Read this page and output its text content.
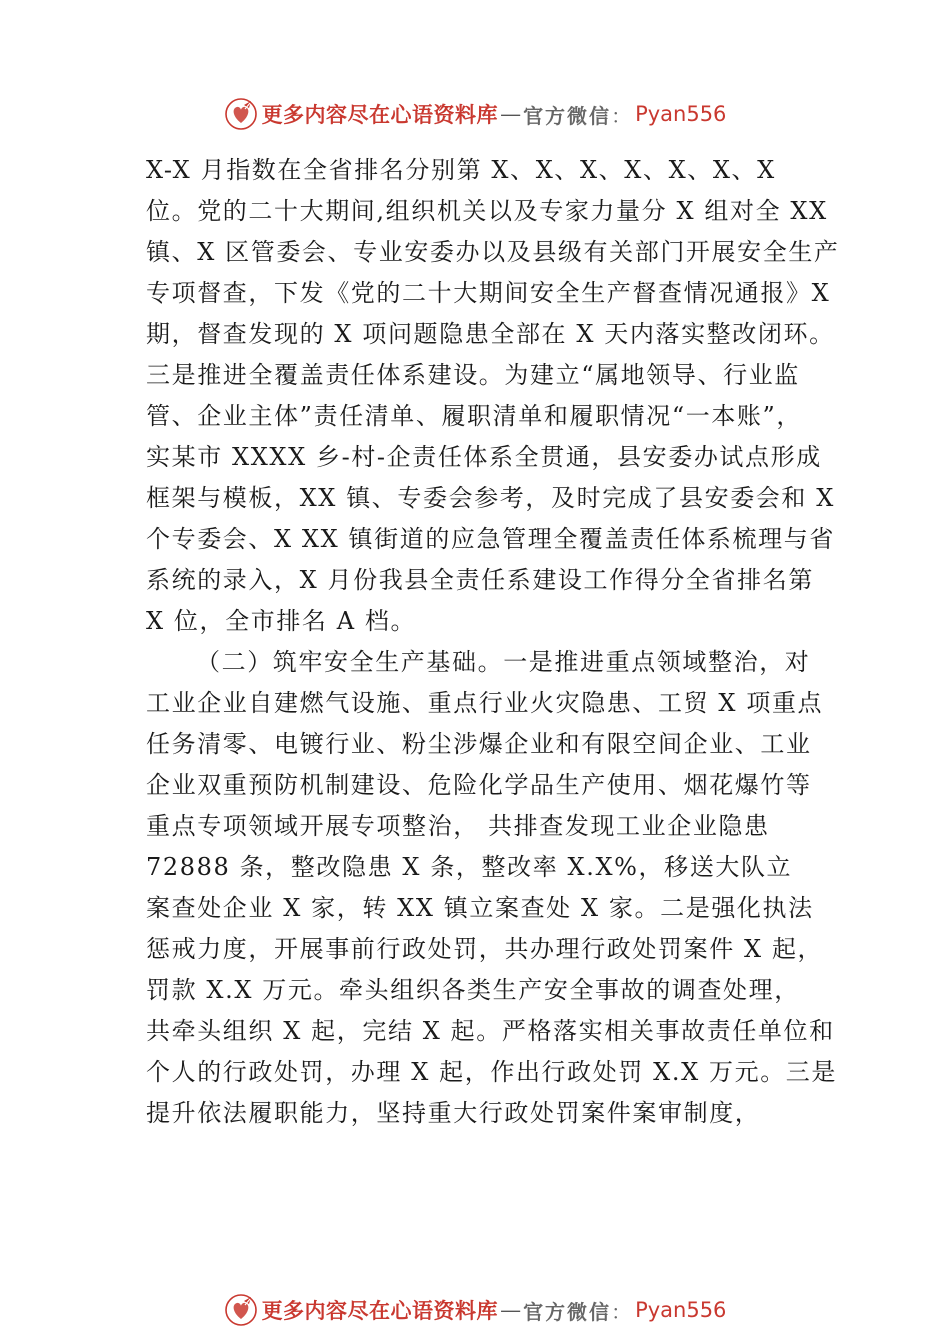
更多内容尽在心语资料库 — 官方微信 ： Pyan556
X-X 月指数在全省排名分别第 X、X、X、X、X、X、X
位。党的二十大期间,组织机关以及专家力量分 X 组对全 XX
镇、X 区管委会、专业安委办以及县级有关部门开展安全生产
专项督查，下发《党的二十大期间安全生产督查情况通报》X
期，督查发现的 X 项问题隐患全部在 X 天内落实整改闭环。
三是推进全覆盖责任体系建设。为建立“属地领导、行业监
管、企业主体”责任清单、履职清单和履职情况“一本账”，
实某市 XXXX 乡-村-企责任体系全贯通，县安委办试点形成
框架与模板，XX 镇、专委会参考，及时完成了县安委会和 X
个专委会、X XX 镇街道的应急管理全覆盖责任体系梳理与省
系统的录入，X 月份我县全责任系建设工作得分全省排名第
X 位，全市排名 A 档。
（二）筑牢安全生产基础。一是推进重点领域整治，对
工业企业自建燃气设施、重点行业火灾隐患、工贸 X 项重点
任务清零、电镀行业、粉尘涉爆企业和有限空间企业、工业
企业双重预防机制建设、危险化学品生产使用、烟花爆竹等
重点专项领域开展专项整治， 共排查发现工业企业隐患
72888 条，整改隐患 X 条，整改率 X.X%，移送大队立
案查处企业 X 家，转 XX 镇立案查处 X 家。二是强化执法
惩戒力度，开展事前行政处罚，共办理行政处罚案件 X 起，
罚款 X.X 万元。牵头组织各类生产安全事故的调查处理，
共牵头组织 X 起，完结 X 起。严格落实相关事故责任单位和
个人的行政处罚，办理 X 起，作出行政处罚 X.X 万元。三是
提升依法履职能力，坚持重大行政处罚案件案审制度，
更多内容尽在心语资料库 — 官方微信 ： Pyan556
